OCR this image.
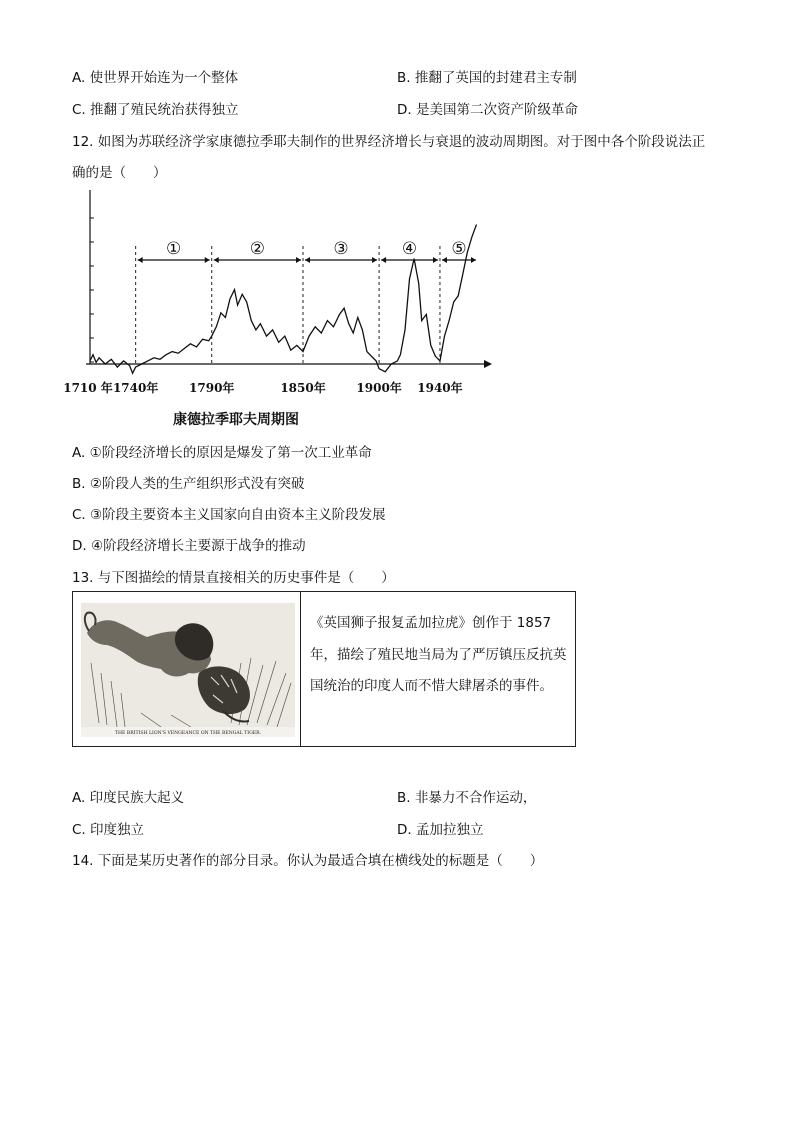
A. 使世界开始连为一个整体	B. 推翻了英国的封建君主专制
C. 推翻了殖民统治获得独立	D. 是美国第二次资产阶级革命
12. 如图为苏联经济学家康德拉季耶夫制作的世界经济增长与衰退的波动周期图。对于图中各个阶段说法正
确的是（　　）
①	②	③	④ ⑤
1710 年 1740年	1790年	1850年	1900年 1940年
康德拉季耶夫周期图
A. ①阶段经济增长的原因是爆发了第一次工业革命
B. ②阶段人类的生产组织形式没有突破
C. ③阶段主要资本主义国家向自由资本主义阶段发展
D. ④阶段经济增长主要源于战争的推动
13. 与下图描绘的情景直接相关的历史事件是（　　）
THE BRITISH LION'S VENGEANCE ON THE BENGAL TIGER.
《英国狮子报复孟加拉虎》创作于 1857 年，描绘了殖民地当局为了严厉镇压反抗英国统治的印度人而不惜大肆屠杀的事件。
A. 印度民族大起义	B. 非暴力不合作运动，
C. 印度独立	D. 孟加拉独立
14. 下面是某历史著作的部分目录。你认为最适合填在横线处的标题是（　　）
